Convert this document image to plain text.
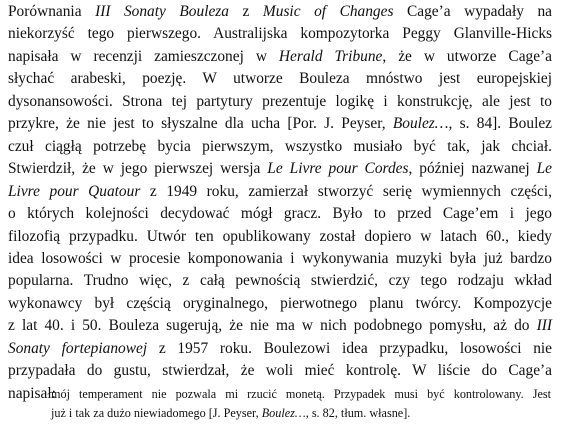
Porównania III Sonaty Bouleza z Music of Changes Cage’a wypadały na
niekorzyść tego pierwszego. Australijska kompozytorka Peggy Glanville-Hicks
napisała w recenzji zamieszczonej w Herald Tribune, że w utworze Cage’a
słychać arabeski, poezję. W utworze Bouleza mnóstwo jest europejskiej
dysonansowości. Strona tej partytury prezentuje logikę i konstrukcję, ale jest to
przykre, że nie jest to słyszalne dla ucha [Por. J. Peyser, Boulez…, s. 84]. Boulez
czuł ciągłą potrzebę bycia pierwszym, wszystko musiało być tak, jak chciał.
Stwierdził, że w jego pierwszej wersja Le Livre pour Cordes, później nazwanej Le
Livre pour Quatour z 1949 roku, zamierzał stworzyć serię wymiennych części,
o których kolejności decydować mógł gracz. Było to przed Cage’em i jego
filozofią przypadku. Utwór ten opublikowany został dopiero w latach 60., kiedy
idea losowości w procesie komponowania i wykonywania muzyki była już bardzo
popularna. Trudno więc, z całą pewnością stwierdzić, czy tego rodzaju wkład
wykonawcy był częścią oryginalnego, pierwotnego planu twórcy. Kompozycje
z lat 40. i 50. Bouleza sugerują, że nie ma w nich podobnego pomysłu, aż do III
Sonaty fortepianowej z 1957 roku. Boulezowi idea przypadku, losowości nie
przypadała do gustu, stwierdzał, że woli mieć kontrolę. W liście do Cage’a
napisał:
mój temperament nie pozwala mi rzucić monetą. Przypadek musi być kontrolowany. Jest
już i tak za dużo niewiadomego [J. Peyser, Boulez…, s. 82, tłum. własne].
